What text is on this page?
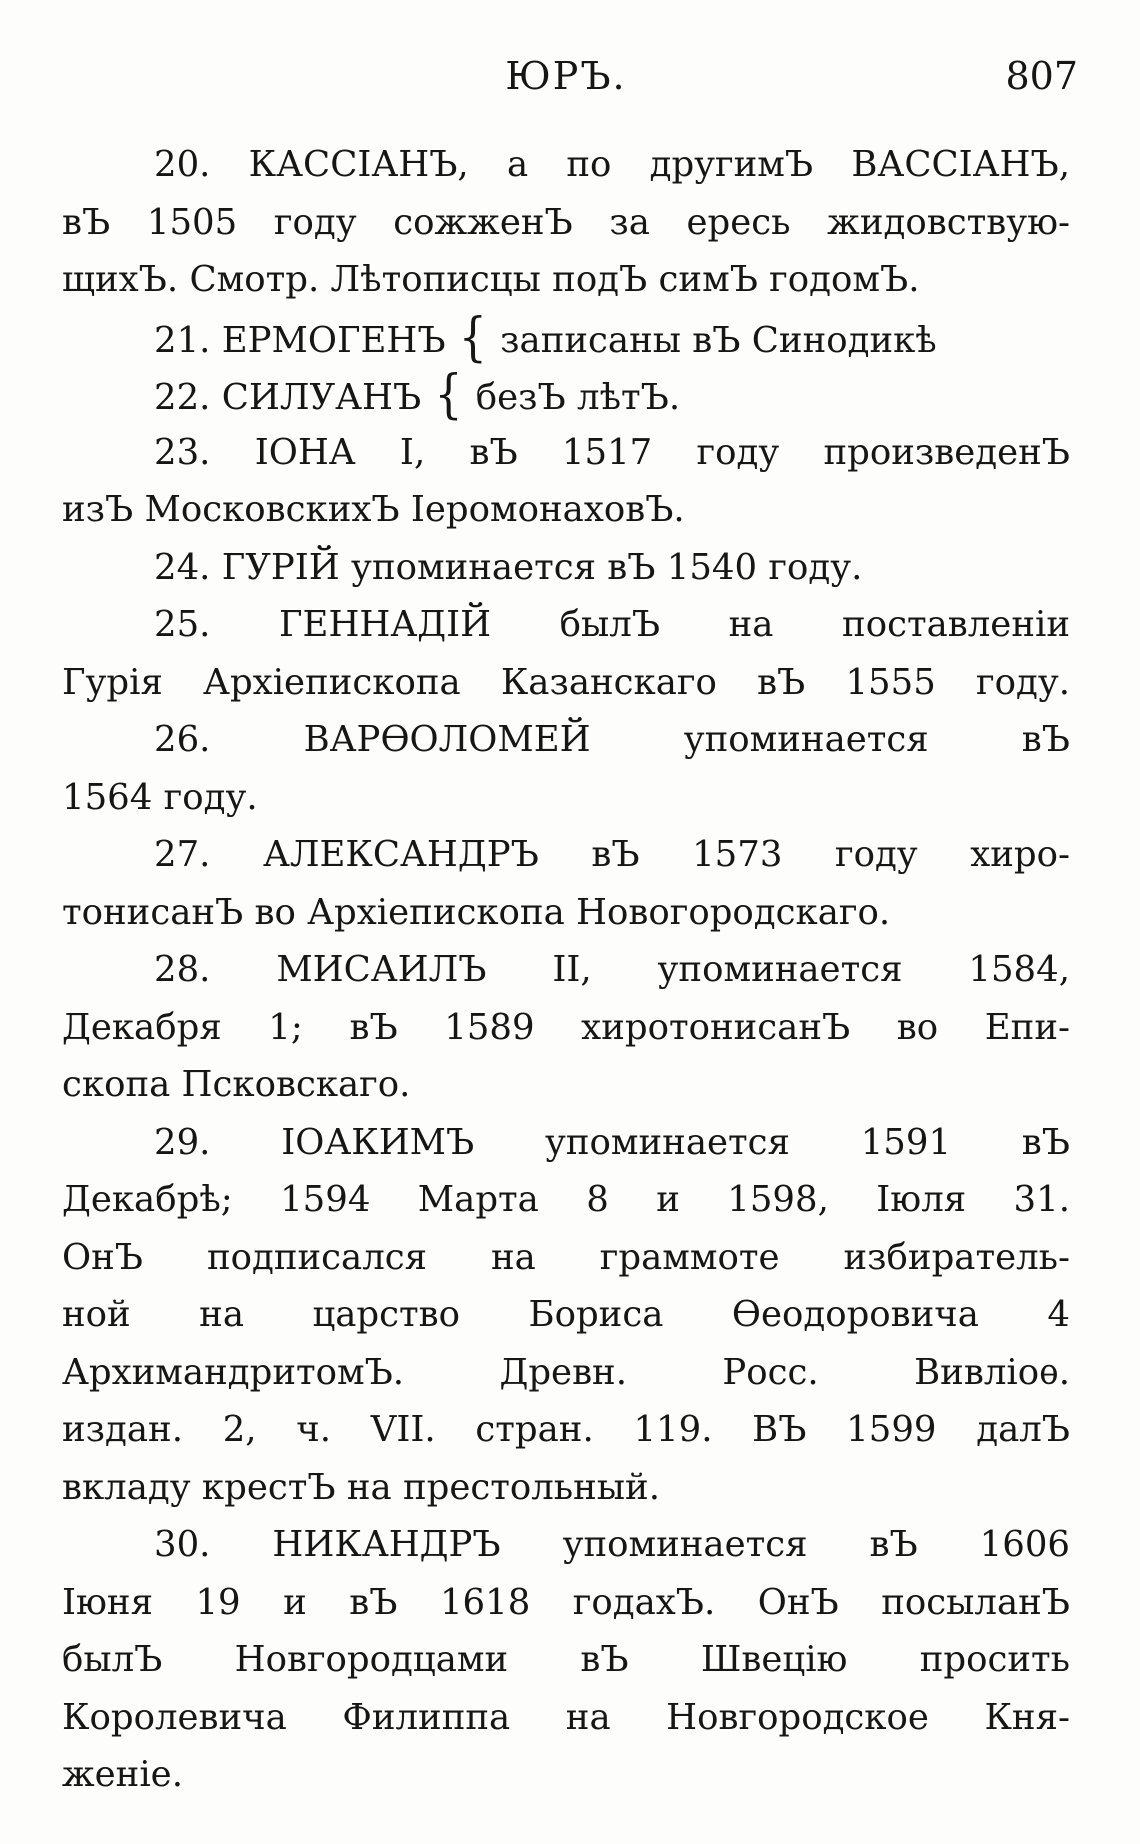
ЮРЪ.	807
20. КАССIАНЪ, а по другимЪ ВАССIАНЪ,
вЪ 1505 году сожженЪ за ересь жидовствую-
щихЪ. Смотр. Лѣтописцы подЪ симЪ годомЪ.
21. ЕРМОГЕНЪ { записаны вЪ Синодикѣ
22. СИЛУАНЪ { безЪ лѣтЪ.
23. IОНА I, вЪ 1517 году произведенЪ
изЪ МосковскихЪ IеромонаховЪ.
24. ГУРIЙ упоминается вЪ 1540 году.
25. ГЕННАДIЙ былЪ на поставленiи
Гурiя Архiепископа Казанскаго вЪ 1555 году.
26. ВАРѲОЛОМЕЙ упоминается вЪ
1564 году.
27. АЛЕКСАНДРЪ вЪ 1573 году хиро-
тонисанЪ во Архiепископа Новогородскаго.
28. МИСАИЛЪ II, упоминается 1584,
Декабря 1; вЪ 1589 хиротонисанЪ во Епи-
скопа Псковскаго.
29. IОАКИМЪ упоминается 1591 вЪ
Декабрѣ; 1594 Марта 8 и 1598, Iюля 31.
ОнЪ подписался на граммоте избиратель-
ной на царство Бориса Ѳеодоровича 4
АрхимандритомЪ. Древн. Росс. Вивлiоѳ.
издан. 2, ч. VII. стран. 119. ВЪ 1599 далЪ
вкладу крестЪ на престольный.
30. НИКАНДРЪ упоминается вЪ 1606
Iюня 19 и вЪ 1618 годахЪ. ОнЪ посыланЪ
былЪ Новгородцами вЪ Швецiю просить
Королевича Филиппа на Новгородское Кня-
женiе.
